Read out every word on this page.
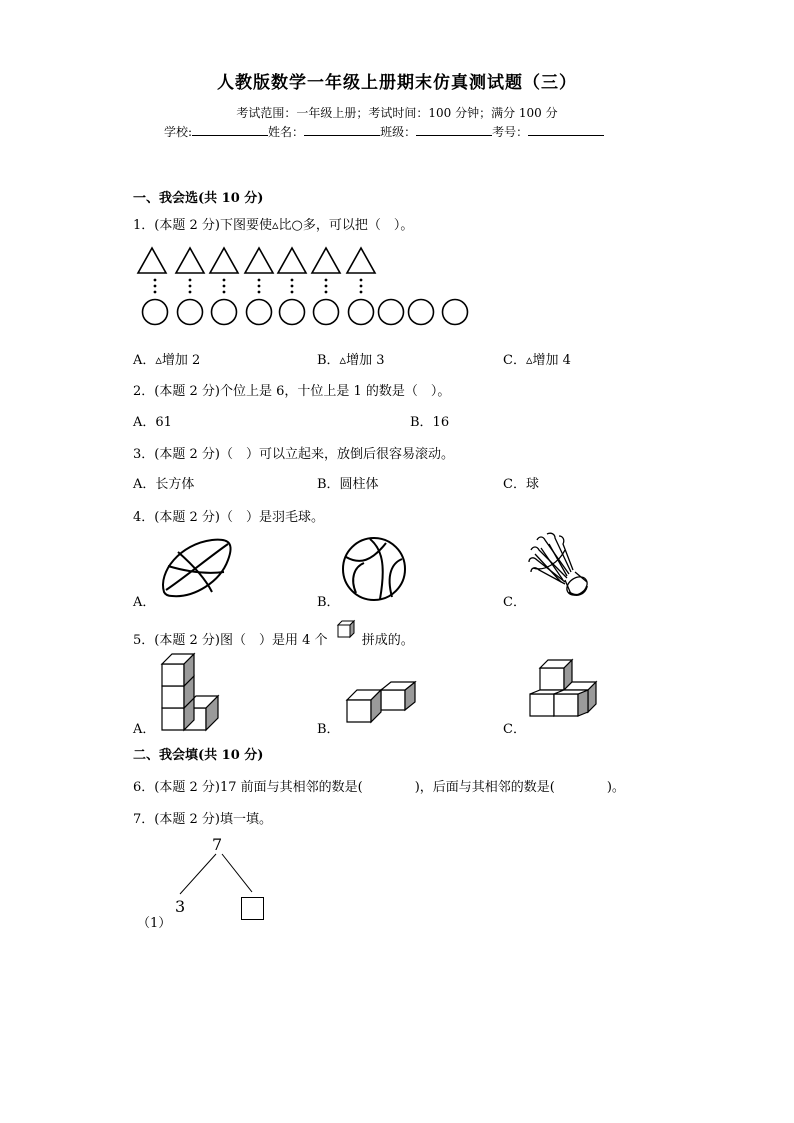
人教版数学一年级上册期末仿真测试题（三）
考试范围：一年级上册；考试时间：100 分钟；满分 100 分
学校:	姓名：	班级：	考号：
一、我会选(共 10 分)
1．(本题 2 分)下图要使▵比○多，可以把（　）。
A．▵增加 2	B．▵增加 3	C．▵增加 4
2．(本题 2 分)个位上是 6，十位上是 1 的数是（　）。
A．61	B．16
3．(本题 2 分)（　）可以立起来，放倒后很容易滚动。
A．长方体	B．圆柱体	C．球
4．(本题 2 分)（　）是羽毛球。
A．	B．	C．
5．(本题 2 分)图（　）是用 4 个	拼成的。
A．	B．	C．
二、我会填(共 10 分)
6．(本题 2 分)17 前面与其相邻的数是(　　　　)，后面与其相邻的数是(　　　　)。
7．(本题 2 分)填一填。
7
3
（1）
